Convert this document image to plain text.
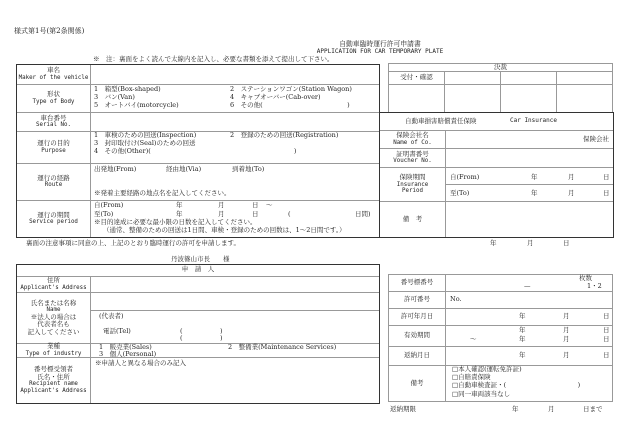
様式第1号(第2条関係)
自動車臨時運行許可申請書
APPLICATION FOR CAR TEMPORARY PLATE
※　注：裏面をよく読んで太線内を記入し、必要な書類を添えて提出して下さい。
車名
Maker of the vehicle
形状
Type of Body
1　箱型(Box-shaped)	2　ステーションワゴン(Station Wagon)
3　バン(Van)	4　キャブオーバー(Cab-over)
5　オートバイ(motorcycle)	6　その他(　　　　　　　　　　　　　)
車台番号
Serial No.
運行の目的
Purpose
1　車検のための回送(Inspection)	2　登録のための回送(Registration)
3　封印取付け(Seal)のための回送
4　その他(Other)(　　　　　　　　　　　　　　　　　　　　　　)
運行の経路
Route
出発地(From)	経由地(Via)	到着地(To)
※発着主要経路の地点名を記入してください。
運行の期間
Service period
自(From)	年	月	日 ～
至(To)	年	月	日	(	日間)
※目的達成に必要な最小限の日数を記入してください。
（通常、整備のための回送は1日間、車検・登録のための回数は、1～2日間です。）
決裁
受付・確認
自動車損害賠償責任保険	Car Insurance
保険会社名
Name of Co.	保険会社
証明書番号
Voucher No.
保険期間
Insurance
Period
自(From)	年	月	日
至(To)	年	月	日
備　考
裏面の注意事項に同意の上、上記のとおり臨時運行の許可を申請します。	年	月	日
丹波篠山市長　　様
申　請　人
住所
Applicant's Address
氏名または名称
Name
※法人の場合は
代表者名も
記入してください
(代表者)
電話(Tel)	(	)
(	)
業種
Type of industry
1　販売業(Sales)	2　整備業(Maintenance Services)
3　個人(Personal)
番号標受領者
氏名・住所
Recipient name
Applicant's Address
※申請人と異なる場合のみ記入
番号標番号
枚数
—	1・2
許可番号	No.
許可年月日	年	月	日
有効期間
年	月	日
～	年	月	日
返納月日	年	月	日
備考
□本人確認(運転免許証)
□自賠責保険
□自動車検査証・(　　　　　　　　　　　)
□同一車両該当なし
返納期限	年	月	日まで
